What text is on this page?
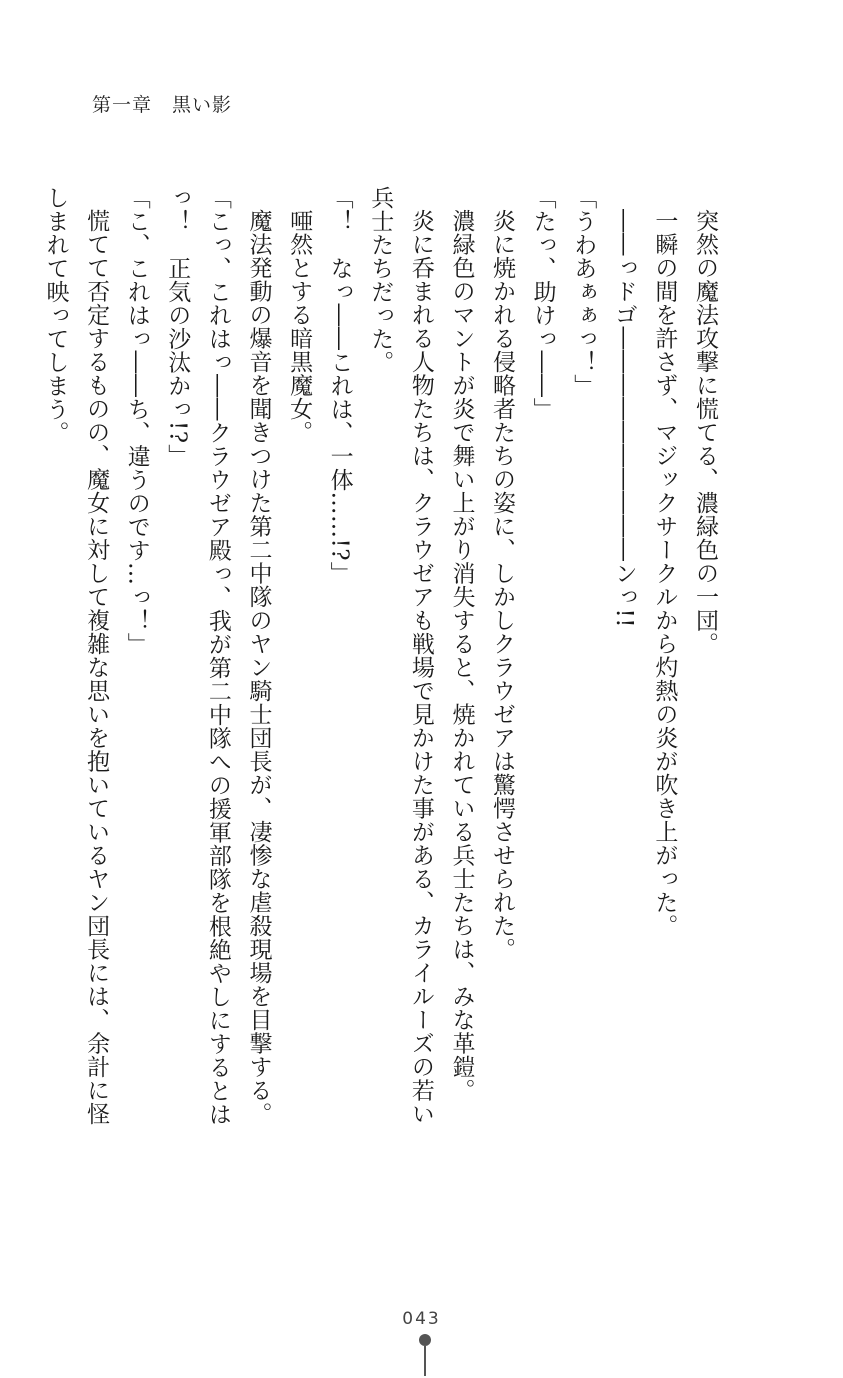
第一章　黒い影
突然の魔法攻撃に慌てる、濃緑色の一団。
一瞬の間を許さず、マジックサークルから灼熱の炎が吹き上がった。
――っドゴ――――――――――ンっ!!
「うわあぁぁっ！」
「たっ、助けっ――」
炎に焼かれる侵略者たちの姿に、しかしクラウゼアは驚愕させられた。
濃緑色のマントが炎で舞い上がり消失すると、焼かれている兵士たちは、みな革鎧。
炎に呑まれる人物たちは、クラウゼアも戦場で見かけた事がある、カライルーズの若い
兵士たちだった。
「！　なっ――これは、一体……!?」
唖然とする暗黒魔女。
魔法発動の爆音を聞きつけた第二中隊のヤン騎士団長が、凄惨な虐殺現場を目撃する。
「こっ、これはっ――クラウゼア殿っ、我が第二中隊への援軍部隊を根絶やしにするとは
っ！　正気の沙汰かっ!?」
「こ、これはっ――ち、違うのです…っ！」
慌てて否定するものの、魔女に対して複雑な思いを抱いているヤン団長には、余計に怪
しまれて映ってしまう。
043
